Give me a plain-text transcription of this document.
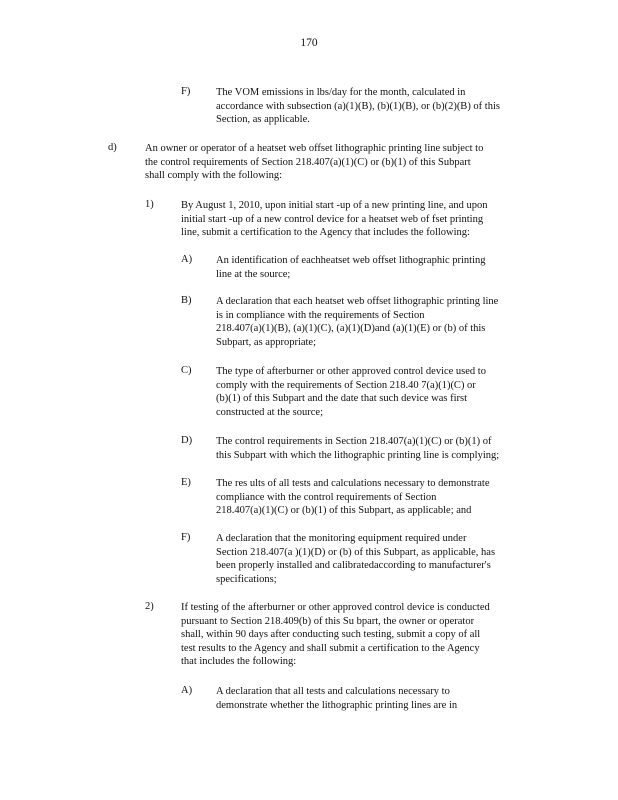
170
F) The VOM emissions in lbs/day for the month, calculated in
accordance with subsection (a)(1)(B), (b)(1)(B), or (b)(2)(B) of this
Section, as applicable.
d)	An owner or operator of a heatset web offset lithographic printing line subject to
the control requirements of Section 218.407(a)(1)(C) or (b)(1) of this Subpart
shall comply with the following:
1)	By August 1, 2010, upon initial start -up of a new printing line, and upon
initial start -up of a new control device for a heatset web of fset printing
line, submit a certification to the Agency that includes the following:
A) An identification of eachheatset web offset lithographic printing
line at the source;
B) A declaration that each heatset web offset lithographic printing line
is in compliance with the requirements of Section
218.407(a)(1)(B), (a)(1)(C), (a)(1)(D)and (a)(1)(E) or (b) of this
Subpart, as appropriate;
C) The type of afterburner or other approved control device used to
comply with the requirements of Section 218.40 7(a)(1)(C) or
(b)(1) of this Subpart and the date that such device was first
constructed at the source;
D) The control requirements in Section 218.407(a)(1)(C) or (b)(1) of
this Subpart with which the lithographic printing line is complying;
E) The res ults of all tests and calculations necessary to demonstrate
compliance with the control requirements of Section
218.407(a)(1)(C) or (b)(1) of this Subpart, as applicable; and
F) A declaration that the monitoring equipment required under
Section 218.407(a )(1)(D) or (b) of this Subpart, as applicable, has
been properly installed and calibratedaccording to manufacturer's
specifications;
2)	If testing of the afterburner or other approved control device is conducted
pursuant to Section 218.409(b) of this Su bpart, the owner or operator
shall, within 90 days after conducting such testing, submit a copy of all
test results to the Agency and shall submit a certification to the Agency
that includes the following:
A) A declaration that all tests and calculations necessary to
demonstrate whether the lithographic printing lines are in
